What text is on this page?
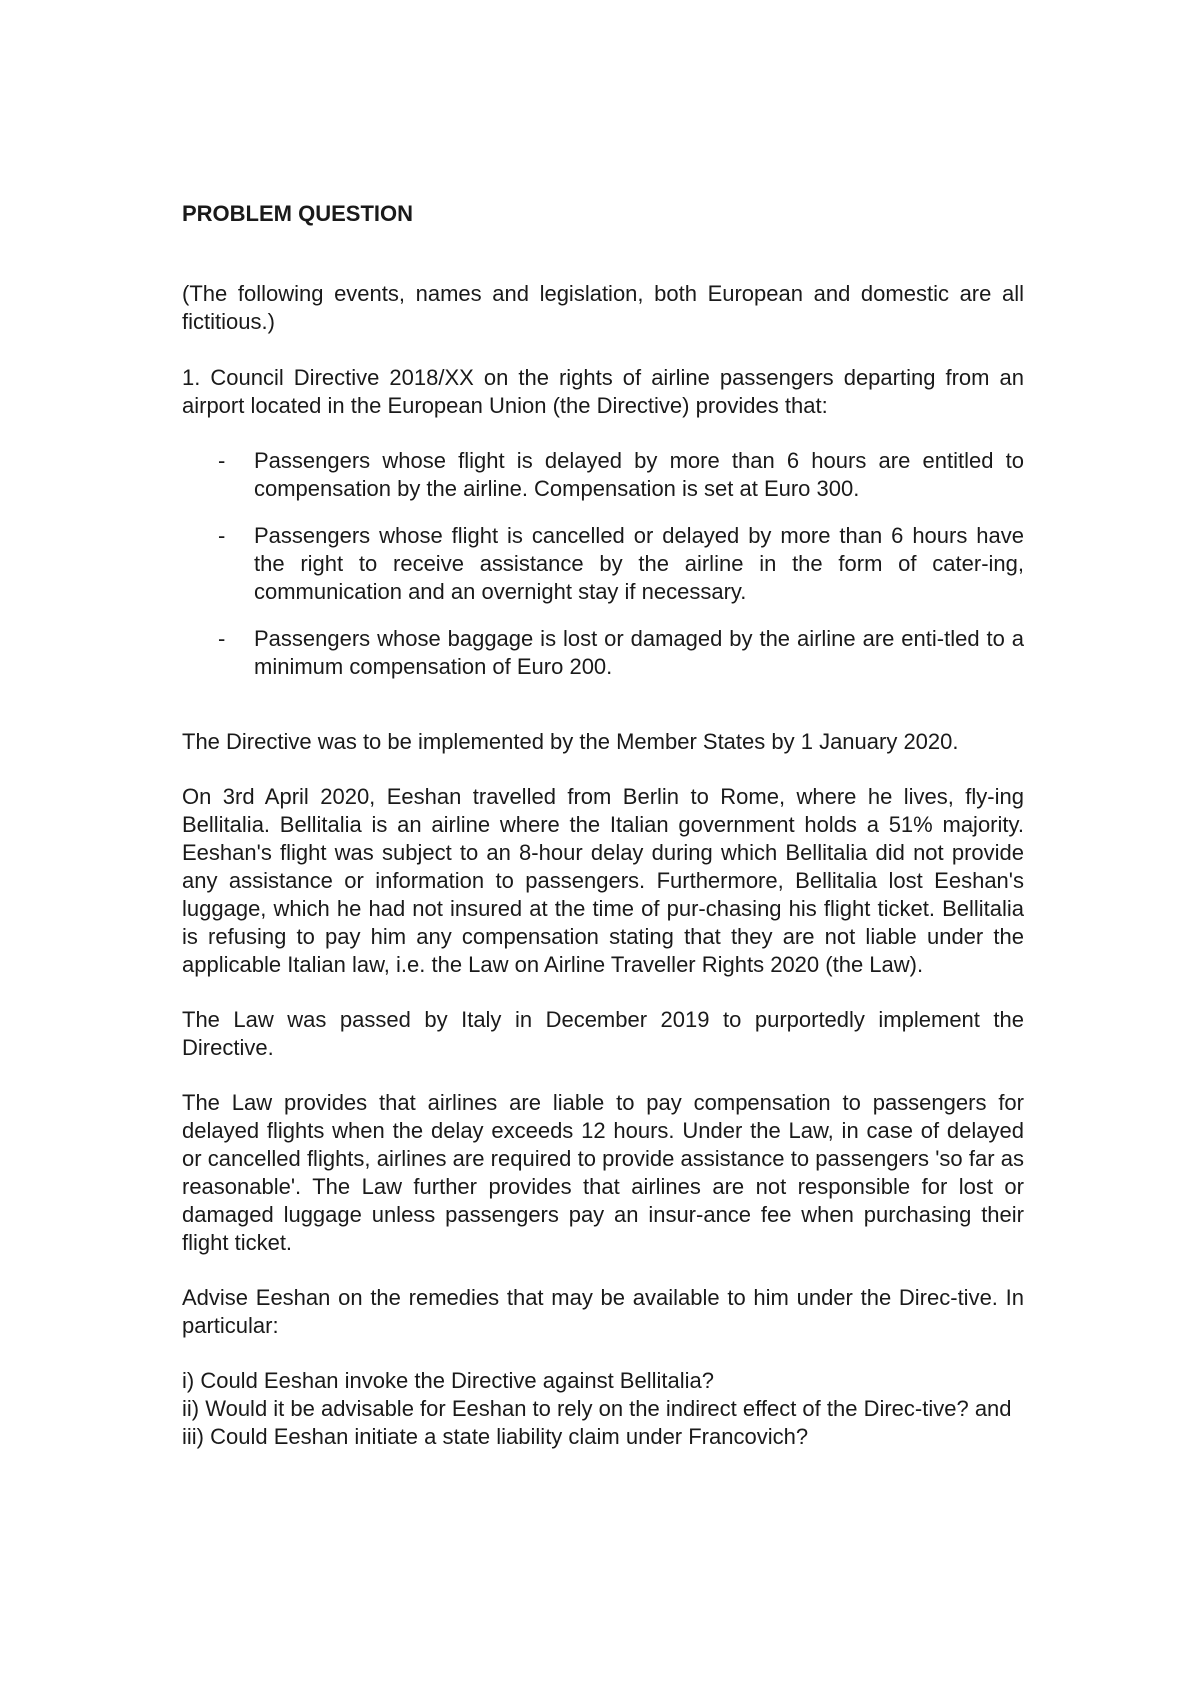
PROBLEM QUESTION

(The following events, names and legislation, both European and domestic are all fictitious.)

1. Council Directive 2018/XX on the rights of airline passengers departing from an airport located in the European Union (the Directive) provides that:

- Passengers whose flight is delayed by more than 6 hours are entitled to compensation by the airline. Compensation is set at Euro 300.
- Passengers whose flight is cancelled or delayed by more than 6 hours have the right to receive assistance by the airline in the form of cater-ing, communication and an overnight stay if necessary.
- Passengers whose baggage is lost or damaged by the airline are enti-tled to a minimum compensation of Euro 200.

The Directive was to be implemented by the Member States by 1 January 2020.

On 3rd April 2020, Eeshan travelled from Berlin to Rome, where he lives, fly-ing Bellitalia. Bellitalia is an airline where the Italian government holds a 51% majority. Eeshan's flight was subject to an 8-hour delay during which Bellitalia did not provide any assistance or information to passengers. Furthermore, Bellitalia lost Eeshan's luggage, which he had not insured at the time of pur-chasing his flight ticket. Bellitalia is refusing to pay him any compensation stating that they are not liable under the applicable Italian law, i.e. the Law on Airline Traveller Rights 2020 (the Law).

The Law was passed by Italy in December 2019 to purportedly implement the Directive.

The Law provides that airlines are liable to pay compensation to passengers for delayed flights when the delay exceeds 12 hours. Under the Law, in case of delayed or cancelled flights, airlines are required to provide assistance to passengers 'so far as reasonable'. The Law further provides that airlines are not responsible for lost or damaged luggage unless passengers pay an insur-ance fee when purchasing their flight ticket.

Advise Eeshan on the remedies that may be available to him under the Direc-tive. In particular:

i) Could Eeshan invoke the Directive against Bellitalia?

ii) Would it be advisable for Eeshan to rely on the indirect effect of the Direc-tive? and

iii) Could Eeshan initiate a state liability claim under Francovich?
